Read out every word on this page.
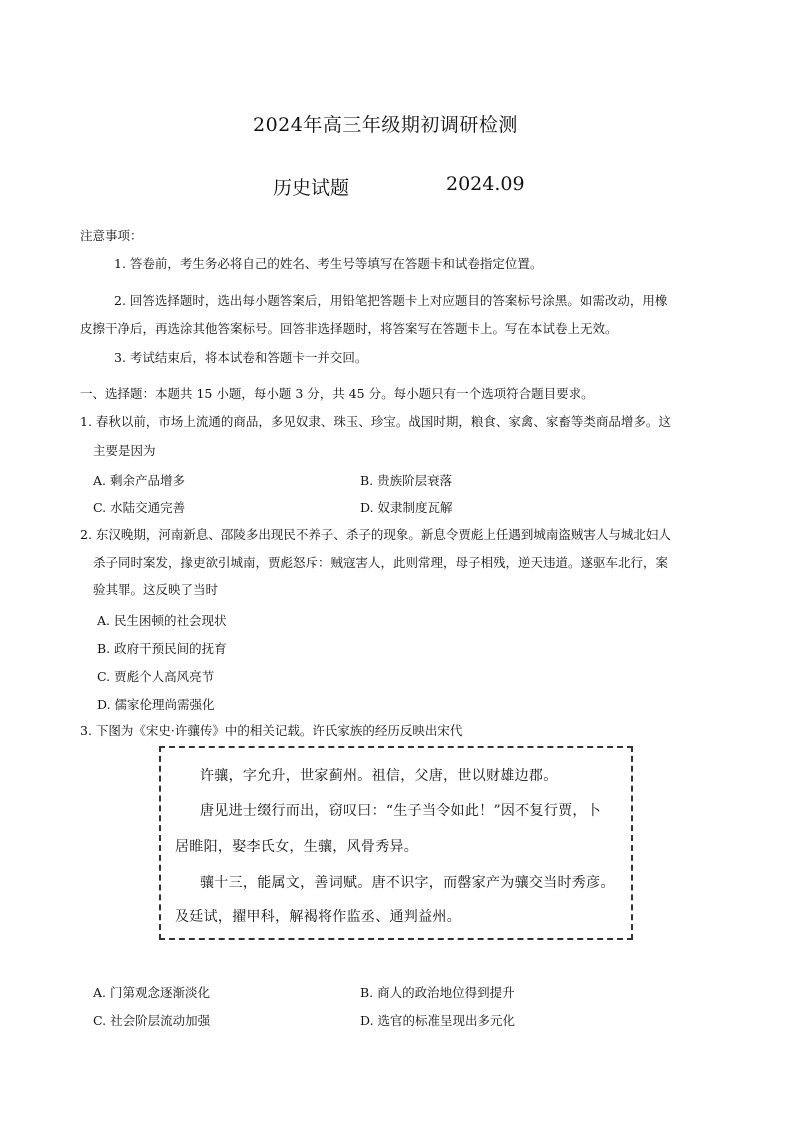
2024年高三年级期初调研检测
历史试题	2024.09
注意事项：
1. 答卷前，考生务必将自己的姓名、考生号等填写在答题卡和试卷指定位置。
2. 回答选择题时，选出每小题答案后，用铅笔把答题卡上对应题目的答案标号涂黑。如需改动，用橡
皮擦干净后，再选涂其他答案标号。回答非选择题时，将答案写在答题卡上。写在本试卷上无效。
3. 考试结束后，将本试卷和答题卡一并交回。
一、选择题：本题共 15 小题，每小题 3 分，共 45 分。每小题只有一个选项符合题目要求。
1. 春秋以前，市场上流通的商品，多见奴隶、珠玉、珍宝。战国时期，粮食、家禽、家畜等类商品增多。这
主要是因为
A. 剩余产品增多	B. 贵族阶层衰落
C. 水陆交通完善	D. 奴隶制度瓦解
2. 东汉晚期，河南新息、邵陵多出现民不养子、杀子的现象。新息令贾彪上任遇到城南盗贼害人与城北妇人
杀子同时案发，掾吏欲引城南，贾彪怒斥：贼寇害人，此则常理，母子相残，逆天违道。遂驱车北行，案
验其罪。这反映了当时
A. 民生困顿的社会现状
B. 政府干预民间的抚育
C. 贾彪个人高风亮节
D. 儒家伦理尚需强化
3. 下图为《宋史·许骧传》中的相关记载。许氏家族的经历反映出宋代
许骧，字允升，世家蓟州。祖信，父唐，世以财雄边郡。
唐见进士缀行而出，窃叹曰：“生子当令如此！”因不复行贾，卜
居睢阳，娶李氏女，生骧，风骨秀异。
骧十三，能属文，善词赋。唐不识字，而罄家产为骧交当时秀彦。
及廷试，擢甲科，解褐将作监丞、通判益州。
A. 门第观念逐渐淡化	B. 商人的政治地位得到提升
C. 社会阶层流动加强	D. 选官的标准呈现出多元化
